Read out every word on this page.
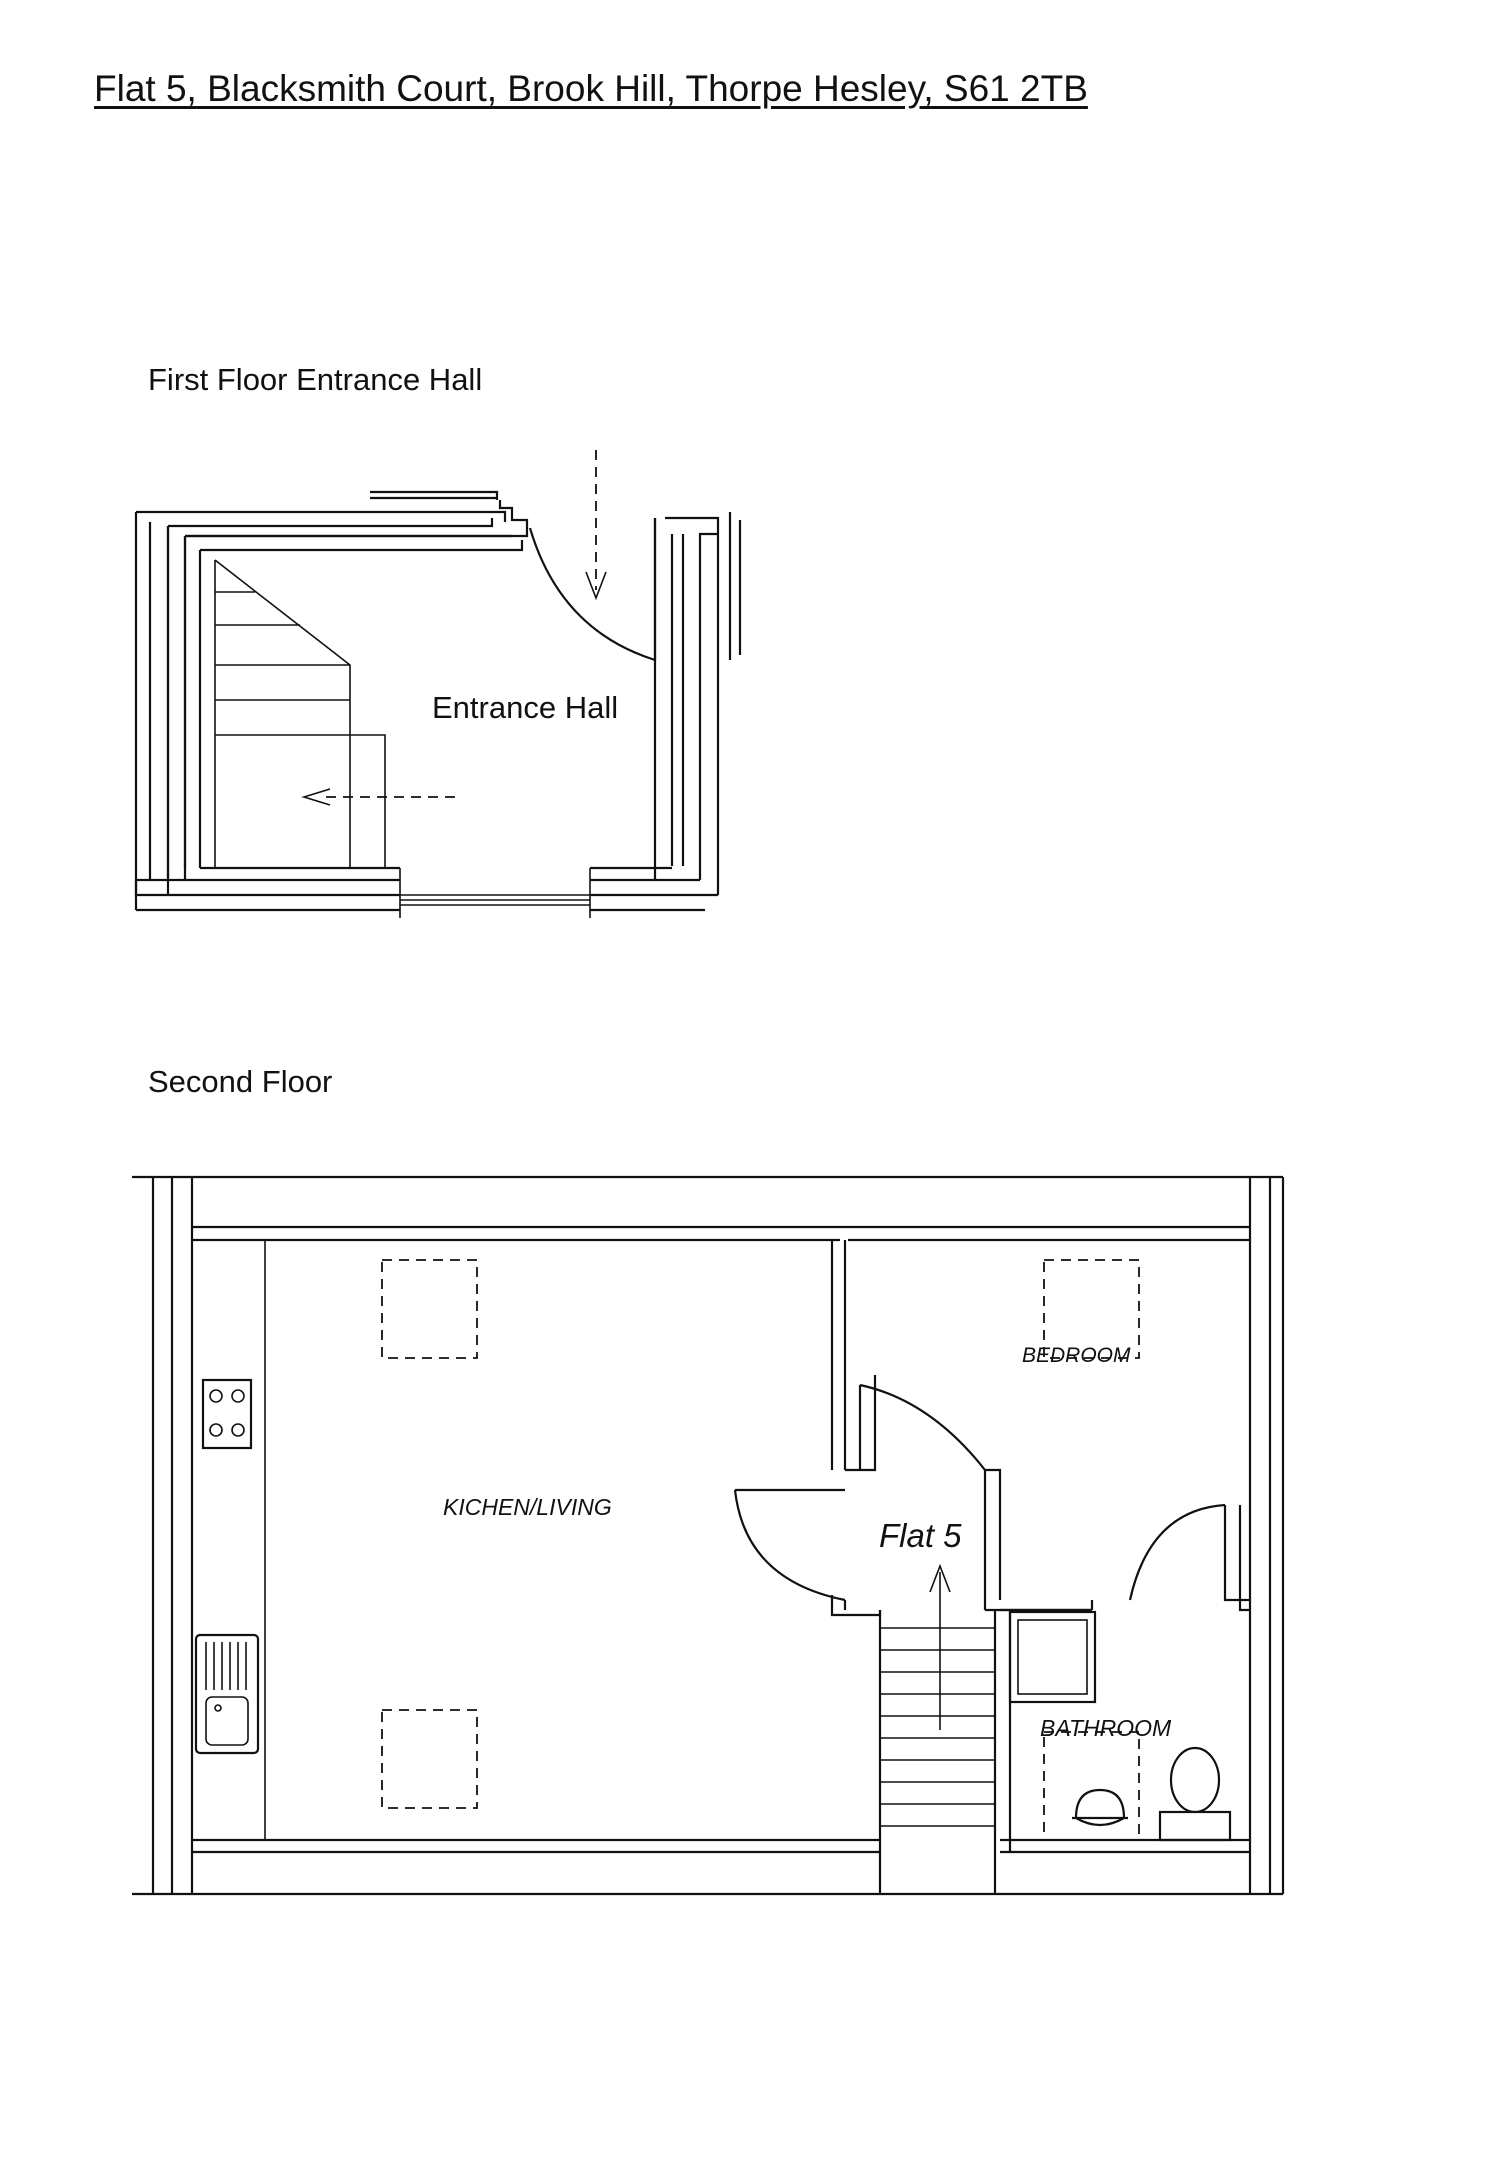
Flat 5, Blacksmith Court, Brook Hill, Thorpe Hesley, S61 2TB
First Floor Entrance Hall
Second Floor
Entrance Hall
KICHEN/LIVING
BEDROOM
BATHROOM
Flat 5
